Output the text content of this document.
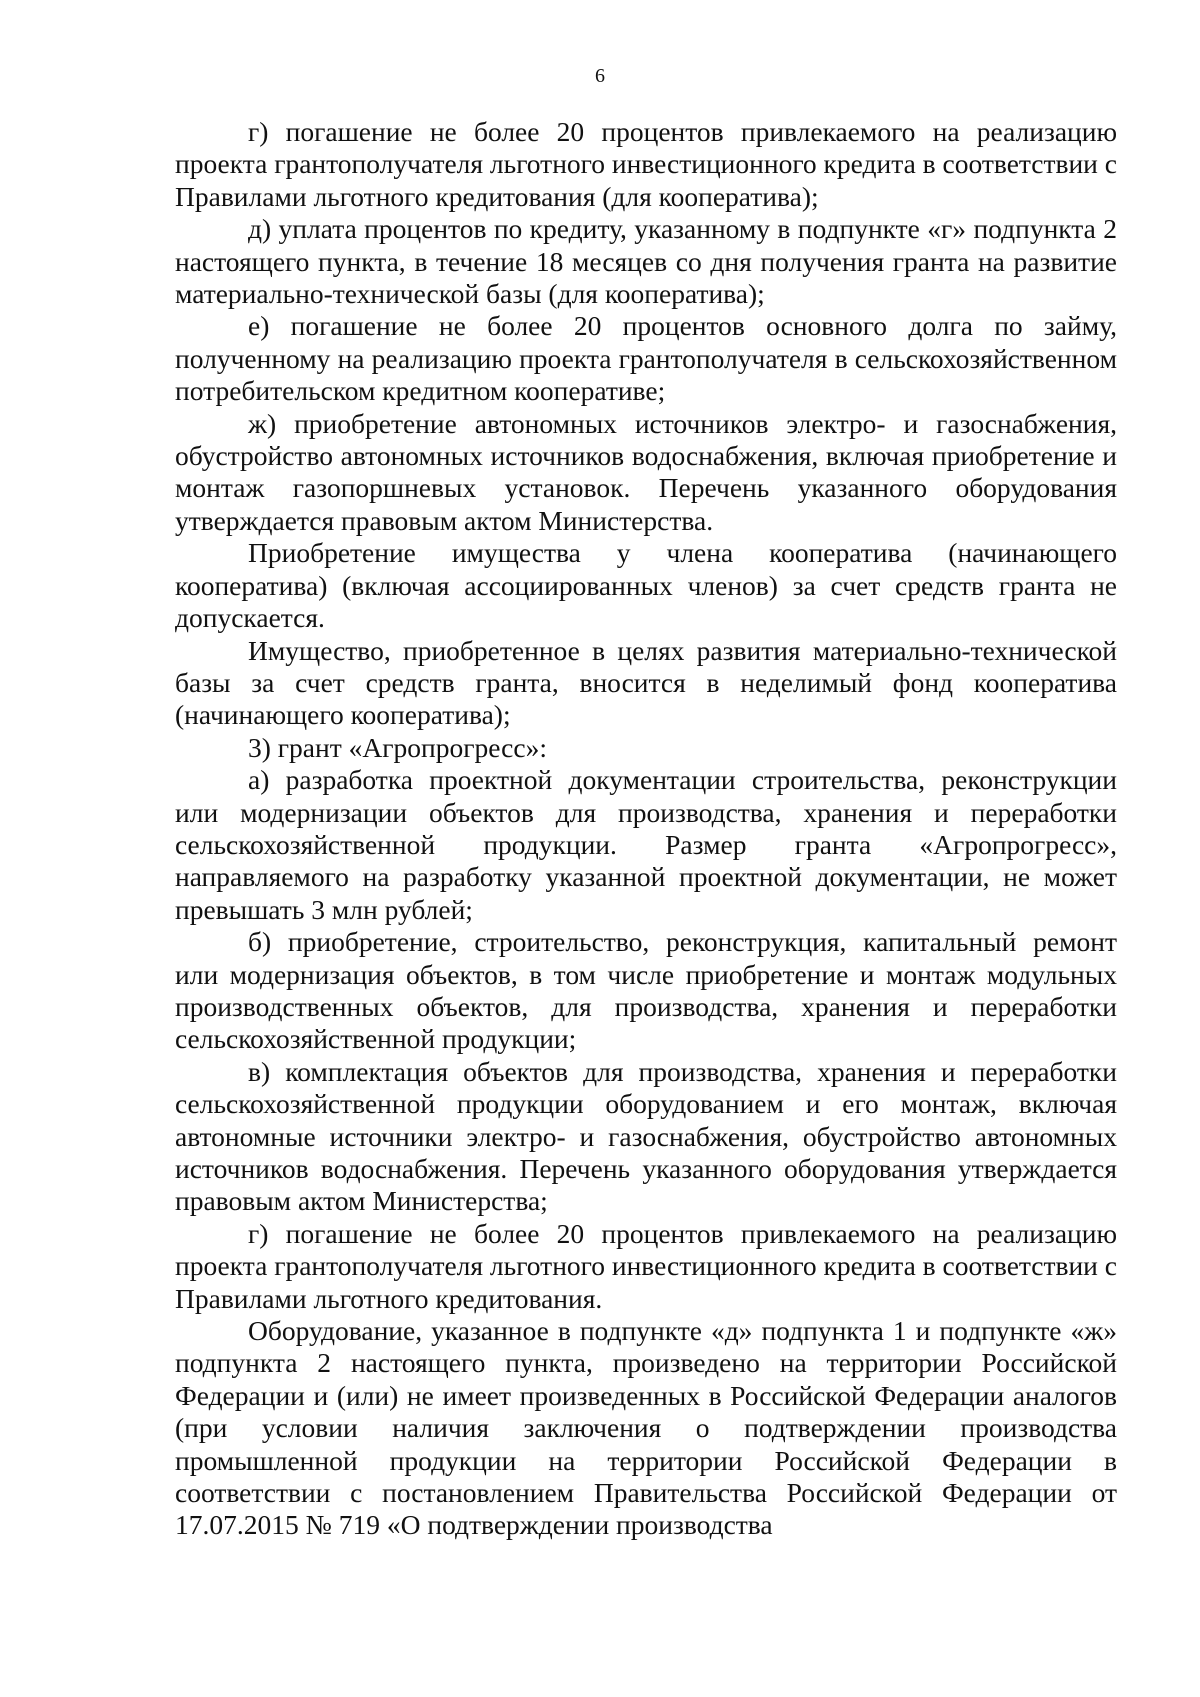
6

г) погашение не более 20 процентов привлекаемого на реализацию проекта грантополучателя льготного инвестиционного кредита в соответствии с Правилами льготного кредитования (для кооператива);

д) уплата процентов по кредиту, указанному в подпункте «г» подпункта 2 настоящего пункта, в течение 18 месяцев со дня получения гранта на развитие материально-технической базы (для кооператива);

е) погашение не более 20 процентов основного долга по займу, полученному на реализацию проекта грантополучателя в сельскохозяйственном потребительском кредитном кооперативе;

ж) приобретение автономных источников электро- и газоснабжения, обустройство автономных источников водоснабжения, включая приобретение и монтаж газопоршневых установок. Перечень указанного оборудования утверждается правовым актом Министерства.

Приобретение имущества у члена кооператива (начинающего кооператива) (включая ассоциированных членов) за счет средств гранта не допускается.

Имущество, приобретенное в целях развития материально-технической базы за счет средств гранта, вносится в неделимый фонд кооператива (начинающего кооператива);

3) грант «Агропрогресс»:

а) разработка проектной документации строительства, реконструкции или модернизации объектов для производства, хранения и переработки сельскохозяйственной продукции. Размер гранта «Агропрогресс», направляемого на разработку указанной проектной документации, не может превышать 3 млн рублей;

б) приобретение, строительство, реконструкция, капитальный ремонт или модернизация объектов, в том числе приобретение и монтаж модульных производственных объектов, для производства, хранения и переработки сельскохозяйственной продукции;

в) комплектация объектов для производства, хранения и переработки сельскохозяйственной продукции оборудованием и его монтаж, включая автономные источники электро- и газоснабжения, обустройство автономных источников водоснабжения. Перечень указанного оборудования утверждается правовым актом Министерства;

г) погашение не более 20 процентов привлекаемого на реализацию проекта грантополучателя льготного инвестиционного кредита в соответствии с Правилами льготного кредитования.

Оборудование, указанное в подпункте «д» подпункта 1 и подпункте «ж» подпункта 2 настоящего пункта, произведено на территории Российской Федерации и (или) не имеет произведенных в Российской Федерации аналогов (при условии наличия заключения о подтверждении производства промышленной продукции на территории Российской Федерации в соответствии с постановлением Правительства Российской Федерации от 17.07.2015 № 719 «О подтверждении производства
